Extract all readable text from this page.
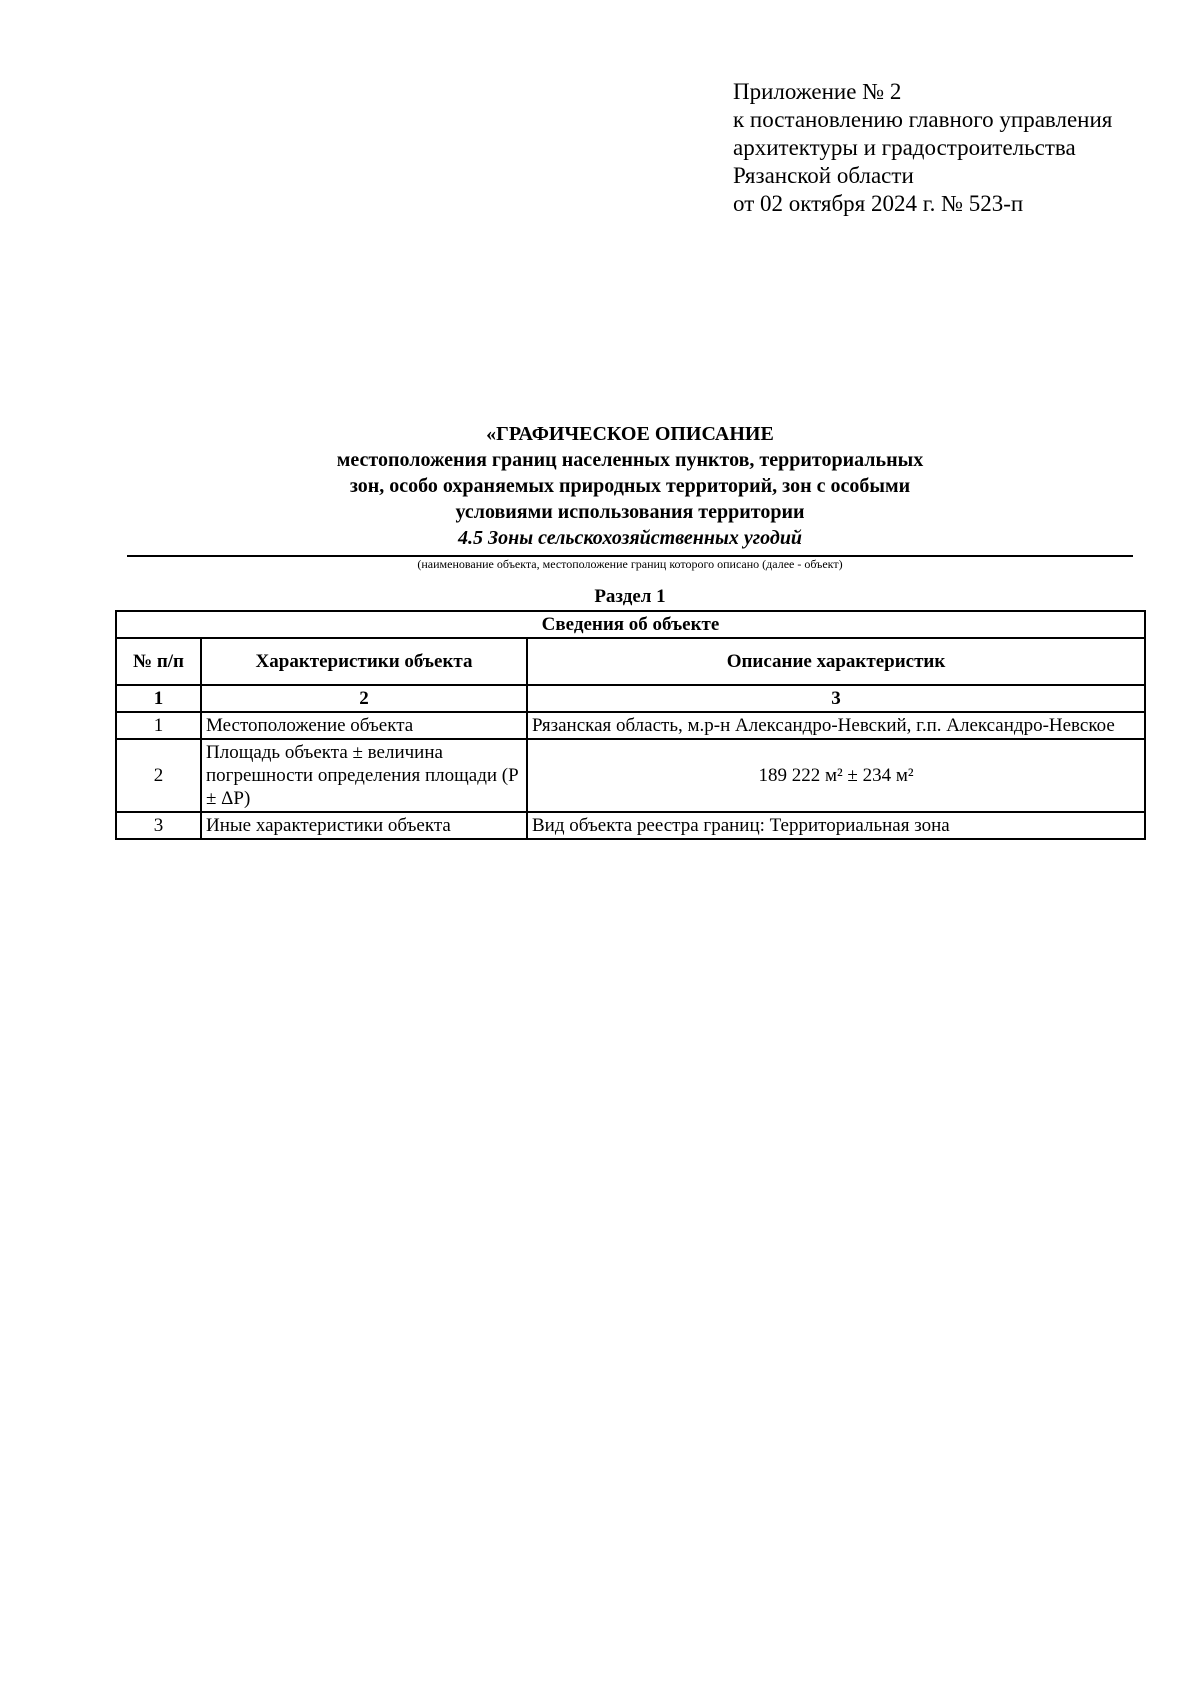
Приложение № 2
к постановлению главного управления
архитектуры и градостроительства
Рязанской области
от 02 октября 2024 г. № 523-п
«ГРАФИЧЕСКОЕ ОПИСАНИЕ
местоположения границ населенных пунктов, территориальных
зон, особо охраняемых природных территорий, зон с особыми
условиями использования территории
4.5 Зоны сельскохозяйственных угодий
(наименование объекта, местоположение границ которого описано (далее - объект)
Раздел 1
Сведения об объекте		
№ п/п	Характеристики объекта	Описание характеристик
1	2	3
1	Местоположение объекта	Рязанская область, м.р-н Александро-Невский, г.п. Александро-Невское
2	Площадь объекта ± величина погрешности определения площади (P ± ΔP)	189 222 м² ± 234 м²
3	Иные характеристики объекта	Вид объекта реестра границ: Территориальная зона
